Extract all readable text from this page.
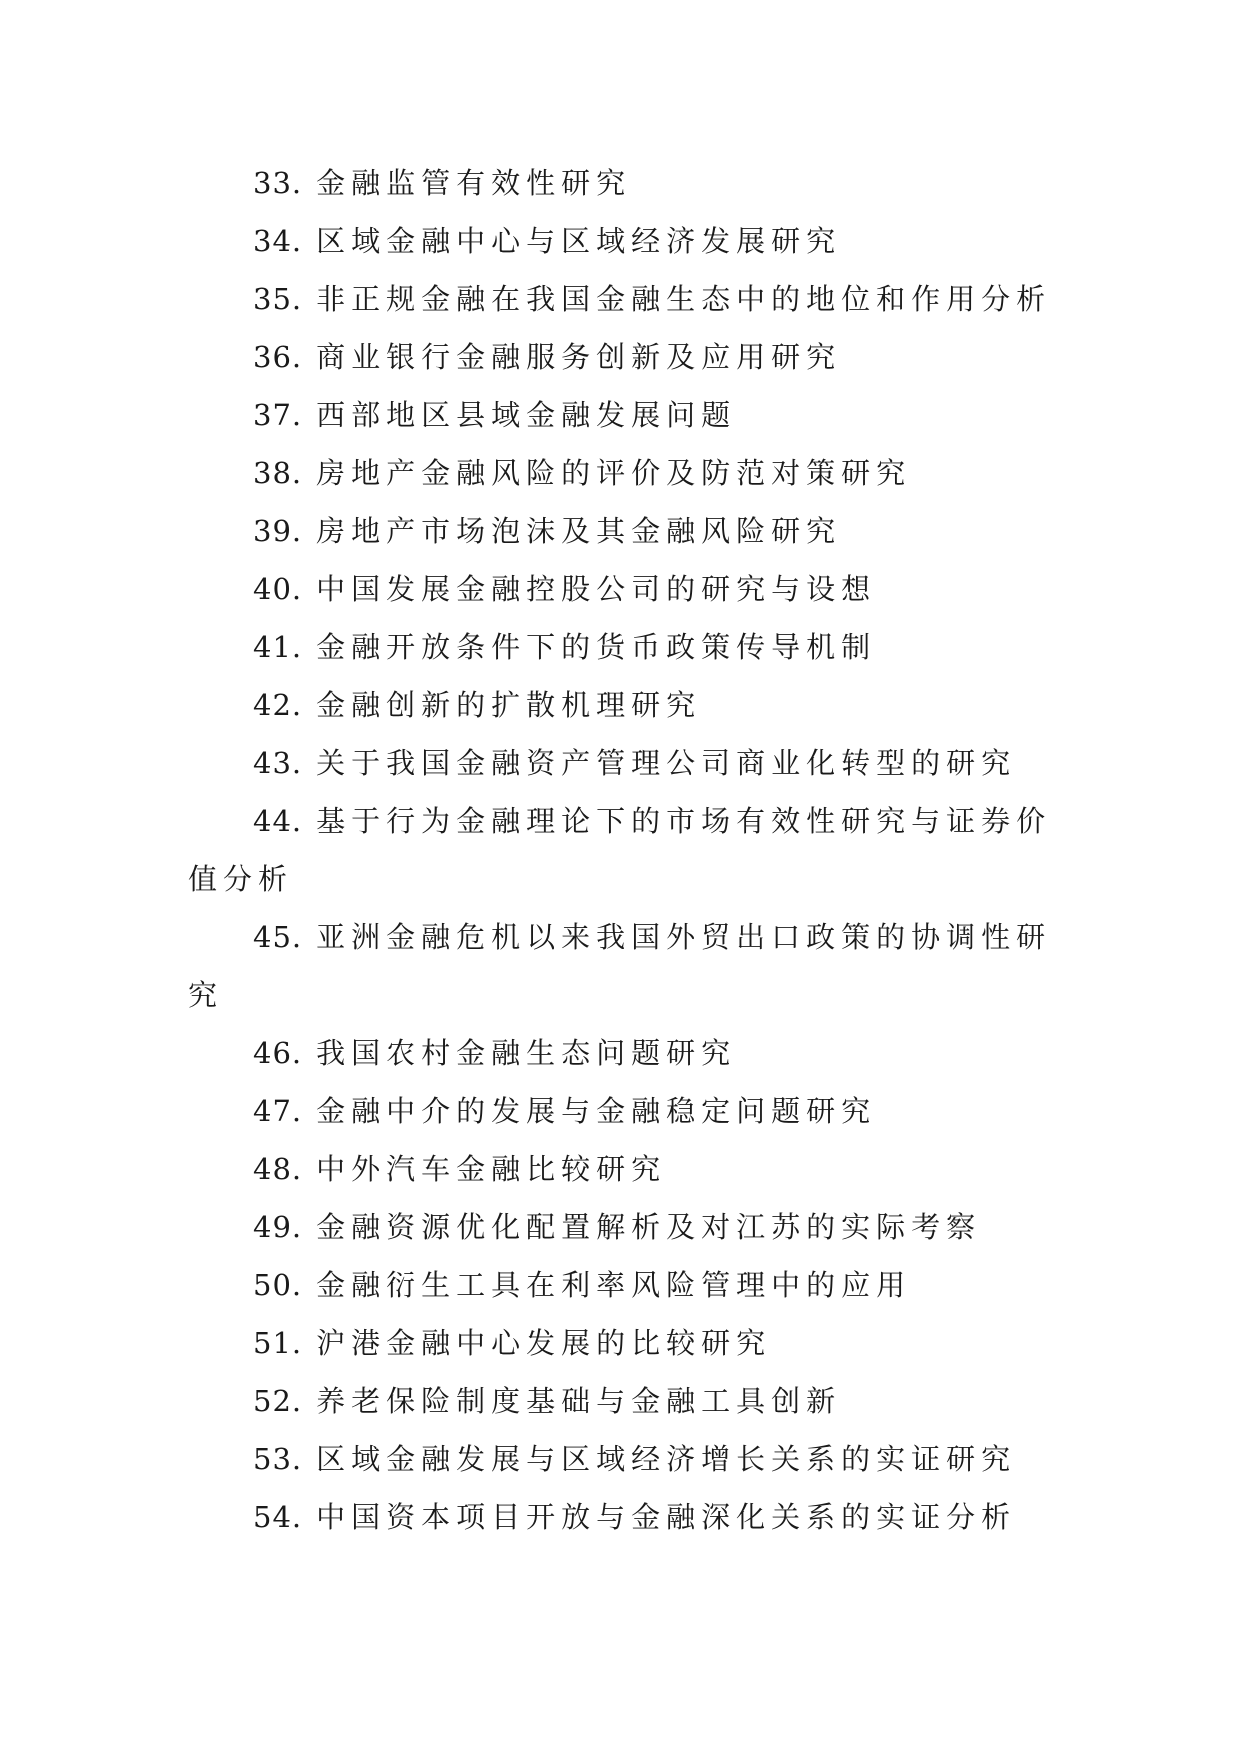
33. 金融监管有效性研究
34. 区域金融中心与区域经济发展研究
35. 非正规金融在我国金融生态中的地位和作用分析
36. 商业银行金融服务创新及应用研究
37. 西部地区县域金融发展问题
38. 房地产金融风险的评价及防范对策研究
39. 房地产市场泡沫及其金融风险研究
40. 中国发展金融控股公司的研究与设想
41. 金融开放条件下的货币政策传导机制
42. 金融创新的扩散机理研究
43. 关于我国金融资产管理公司商业化转型的研究
44. 基于行为金融理论下的市场有效性研究与证券价值分析
45. 亚洲金融危机以来我国外贸出口政策的协调性研究
46. 我国农村金融生态问题研究
47. 金融中介的发展与金融稳定问题研究
48. 中外汽车金融比较研究
49. 金融资源优化配置解析及对江苏的实际考察
50. 金融衍生工具在利率风险管理中的应用
51. 沪港金融中心发展的比较研究
52. 养老保险制度基础与金融工具创新
53. 区域金融发展与区域经济增长关系的实证研究
54. 中国资本项目开放与金融深化关系的实证分析
